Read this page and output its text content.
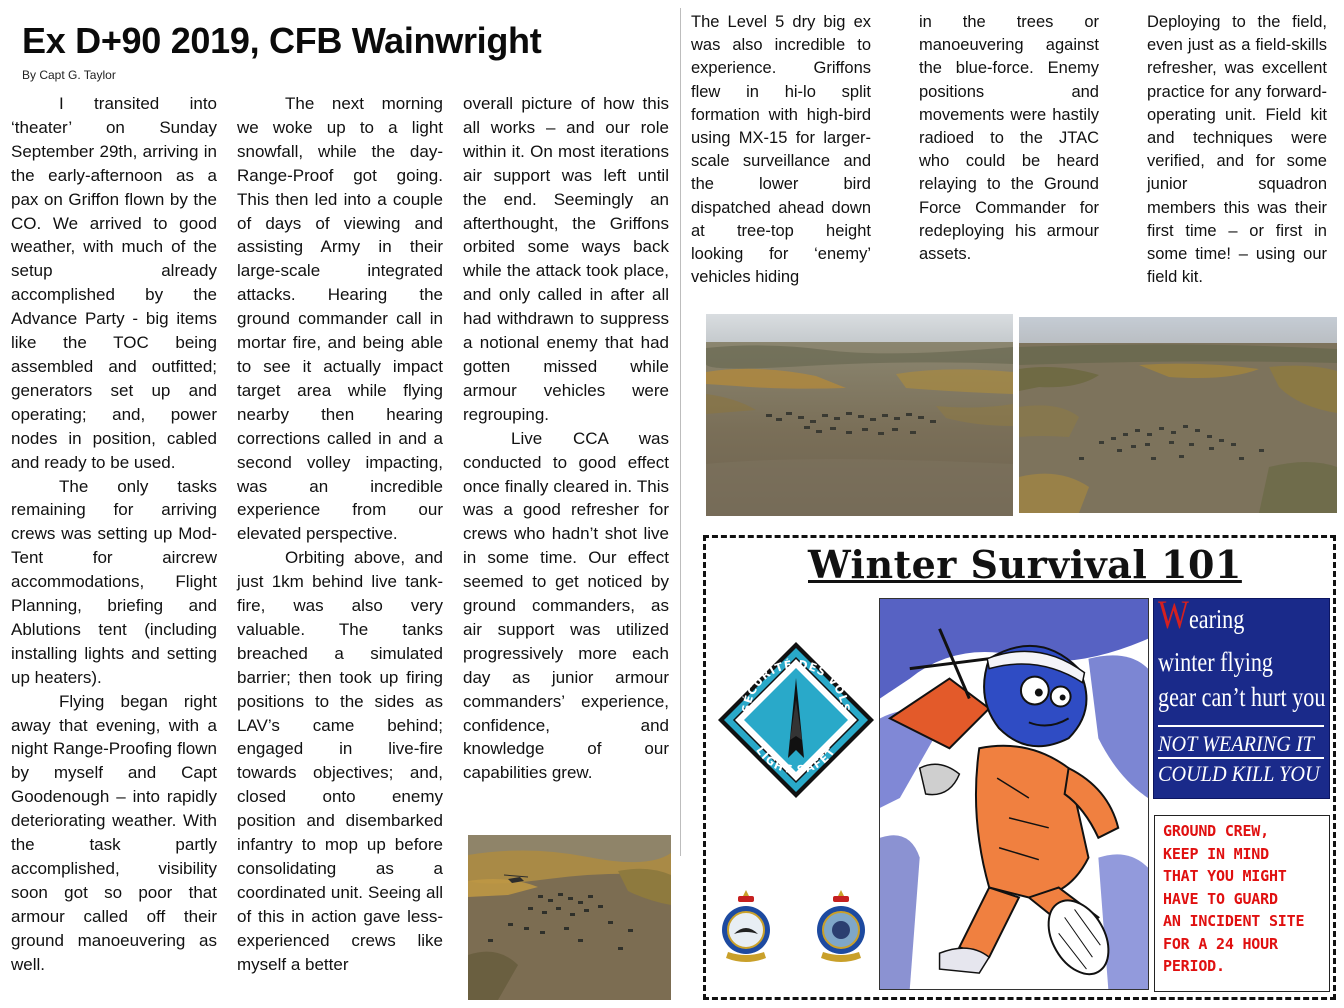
Ex D+90 2019, CFB Wainwright
By Capt G. Taylor

I transited into ‘theater’ on Sunday September 29th, arriving in the early-afternoon as a pax on Griffon flown by the CO. We arrived to good weather, with much of the setup already accomplished by the Advance Party - big items like the TOC being assembled and outfitted; generators set up and operating; and, power nodes in position, cabled and ready to be used.

The only tasks remaining for arriving crews was setting up Mod-Tent for aircrew accommodations, Flight Planning, briefing and Ablutions tent (including installing lights and setting up heaters).

Flying began right away that evening, with a night Range-Proofing flown by myself and Capt Goodenough – into rapidly deteriorating weather. With the task partly accomplished, visibility soon got so poor that armour called off their ground manoeuvering as well.

The next morning we woke up to a light snowfall, while the day-Range-Proof got going. This then led into a couple of days of viewing and assisting Army in their large-scale integrated attacks. Hearing the ground commander call in mortar fire, and being able to see it actually impact target area while flying nearby then hearing corrections called in and a second volley impacting, was an incredible experience from our elevated perspective.

Orbiting above, and just 1km behind live tank-fire, was also very valuable. The tanks breached a simulated barrier; then took up firing positions to the sides as LAV’s came behind; engaged in live-fire towards objectives; and, closed onto enemy position and disembarked infantry to mop up before consolidating as a coordinated unit. Seeing all of this in action gave less-experienced crews like myself a better

overall picture of how this all works – and our role within it. On most iterations air support was left until the end. Seemingly an afterthought, the Griffons orbited some ways back while the attack took place, and only called in after all had withdrawn to suppress a notional enemy that had gotten missed while armour vehicles were regrouping.

Live CCA was conducted to good effect once finally cleared in. This was a good refresher for crews who hadn’t shot live in some time. Our effect seemed to get noticed by ground commanders, as air support was utilized progressively more each day as junior armour commanders’ experience, confidence, and knowledge of our capabilities grew.

The Level 5 dry big ex was also incredible to experience. Griffons flew in hi-lo split formation with high-bird using MX-15 for larger-scale surveillance and the lower bird dispatched ahead down at tree-top height looking for ‘enemy’ vehicles hiding

in the trees or manoeuvering against the blue-force. Enemy positions and movements were hastily radioed to the JTAC who could be heard relaying to the Ground Force Commander for redeploying his armour assets.

Deploying to the field, even just as a field-skills refresher, was excellent practice for any forward-operating unit. Field kit and techniques were verified, and for some junior squadron members this was their first time – or first in some time! – using our field kit.

Winter Survival 101
SÉCURITÉ DES VOLS
LIGHT SAFET
Wearing
winter flying
gear can’t hurt you
NOT WEARING IT
COULD KILL YOU
GROUND CREW,
KEEP IN MIND
THAT YOU MIGHT
HAVE TO GUARD
AN INCIDENT SITE
FOR A 24 HOUR
PERIOD.
